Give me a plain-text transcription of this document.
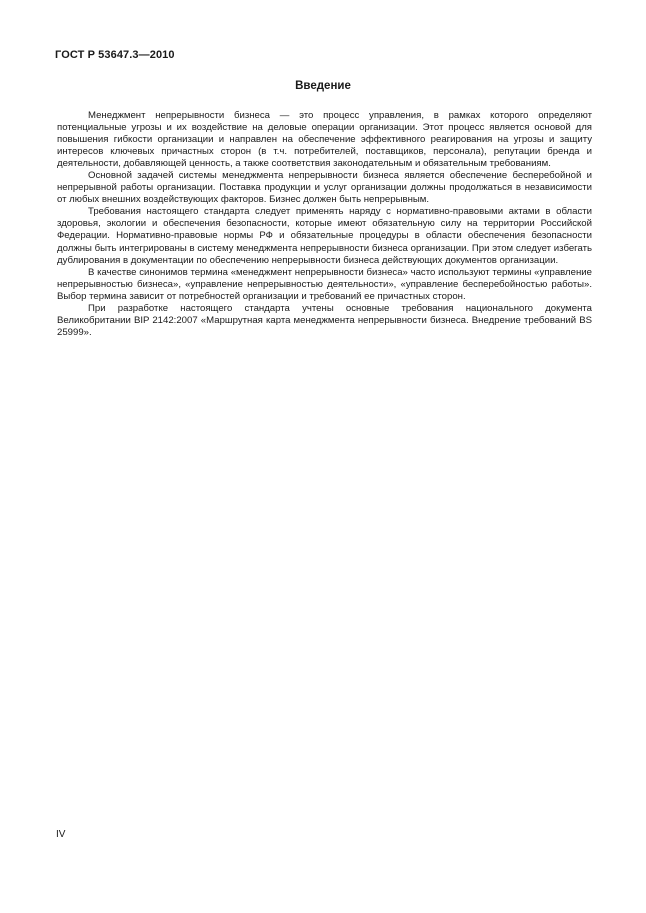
ГОСТ Р 53647.3—2010
Введение

Менеджмент непрерывности бизнеса — это процесс управления, в рамках которого определяют потенциальные угрозы и их воздействие на деловые операции организации. Этот процесс является основой для повышения гибкости организации и направлен на обеспечение эффективного реагирования на угрозы и защиту интересов ключевых причастных сторон (в т.ч. потребителей, поставщиков, персонала), репутации бренда и деятельности, добавляющей ценность, а также соответствия законодательным и обязательным требованиям.

Основной задачей системы менеджмента непрерывности бизнеса является обеспечение бесперебойной и непрерывной работы организации. Поставка продукции и услуг организации должны продолжаться в независимости от любых внешних воздействующих факторов. Бизнес должен быть непрерывным.

Требования настоящего стандарта следует применять наряду с нормативно-правовыми актами в области здоровья, экологии и обеспечения безопасности, которые имеют обязательную силу на территории Российской Федерации. Нормативно-правовые нормы РФ и обязательные процедуры в области обеспечения безопасности должны быть интегрированы в систему менеджмента непрерывности бизнеса организации. При этом следует избегать дублирования в документации по обеспечению непрерывности бизнеса действующих документов организации.

В качестве синонимов термина «менеджмент непрерывности бизнеса» часто используют термины «управление непрерывностью бизнеса», «управление непрерывностью деятельности», «управление бесперебойностью работы». Выбор термина зависит от потребностей организации и требований ее причастных сторон.

При разработке настоящего стандарта учтены основные требования национального документа Великобритании BIP 2142:2007 «Маршрутная карта менеджмента непрерывности бизнеса. Внедрение требований BS 25999».

IV
